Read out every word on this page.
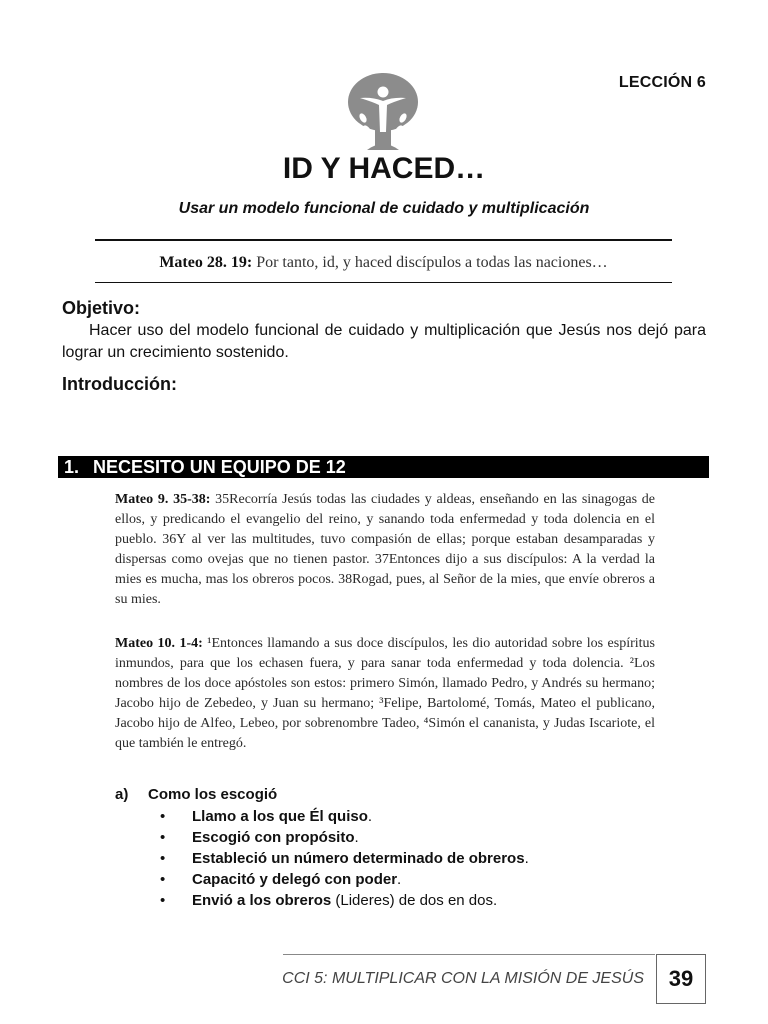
LECCIÓN 6
ID Y HACED…
Usar un modelo funcional de cuidado y multiplicación
Mateo 28. 19: Por tanto, id, y haced discípulos a todas las naciones…
Objetivo:
Hacer uso del modelo funcional de cuidado y multiplicación que Jesús nos dejó para lograr un crecimiento sostenido.
Introducción:
1. NECESITO UN EQUIPO DE 12
Mateo 9. 35-38: 35Recorría Jesús todas las ciudades y aldeas, enseñando en las sinagogas de ellos, y predicando el evangelio del reino, y sanando toda enfermedad y toda dolencia en el pueblo. 36Y al ver las multitudes, tuvo compasión de ellas; porque estaban desamparadas y dispersas como ovejas que no tienen pastor. 37Entonces dijo a sus discípulos: A la verdad la mies es mucha, mas los obreros pocos. 38Rogad, pues, al Señor de la mies, que envíe obreros a su mies.
Mateo 10. 1-4: ¹Entonces llamando a sus doce discípulos, les dio autoridad sobre los espíritus inmundos, para que los echasen fuera, y para sanar toda enfermedad y toda dolencia. ²Los nombres de los doce apóstoles son estos: primero Simón, llamado Pedro, y Andrés su hermano; Jacobo hijo de Zebedeo, y Juan su hermano; ³Felipe, Bartolomé, Tomás, Mateo el publicano, Jacobo hijo de Alfeo, Lebeo, por sobrenombre Tadeo, ⁴Simón el cananista, y Judas Iscariote, el que también le entregó.
a) Como los escogió
• Llamo a los que Él quiso.
• Escogió con propósito.
• Estableció un número determinado de obreros.
• Capacitó y delegó con poder.
• Envió a los obreros (Lideres) de dos en dos.
CCI 5: MULTIPLICAR CON LA MISIÓN DE JESÚS	39
